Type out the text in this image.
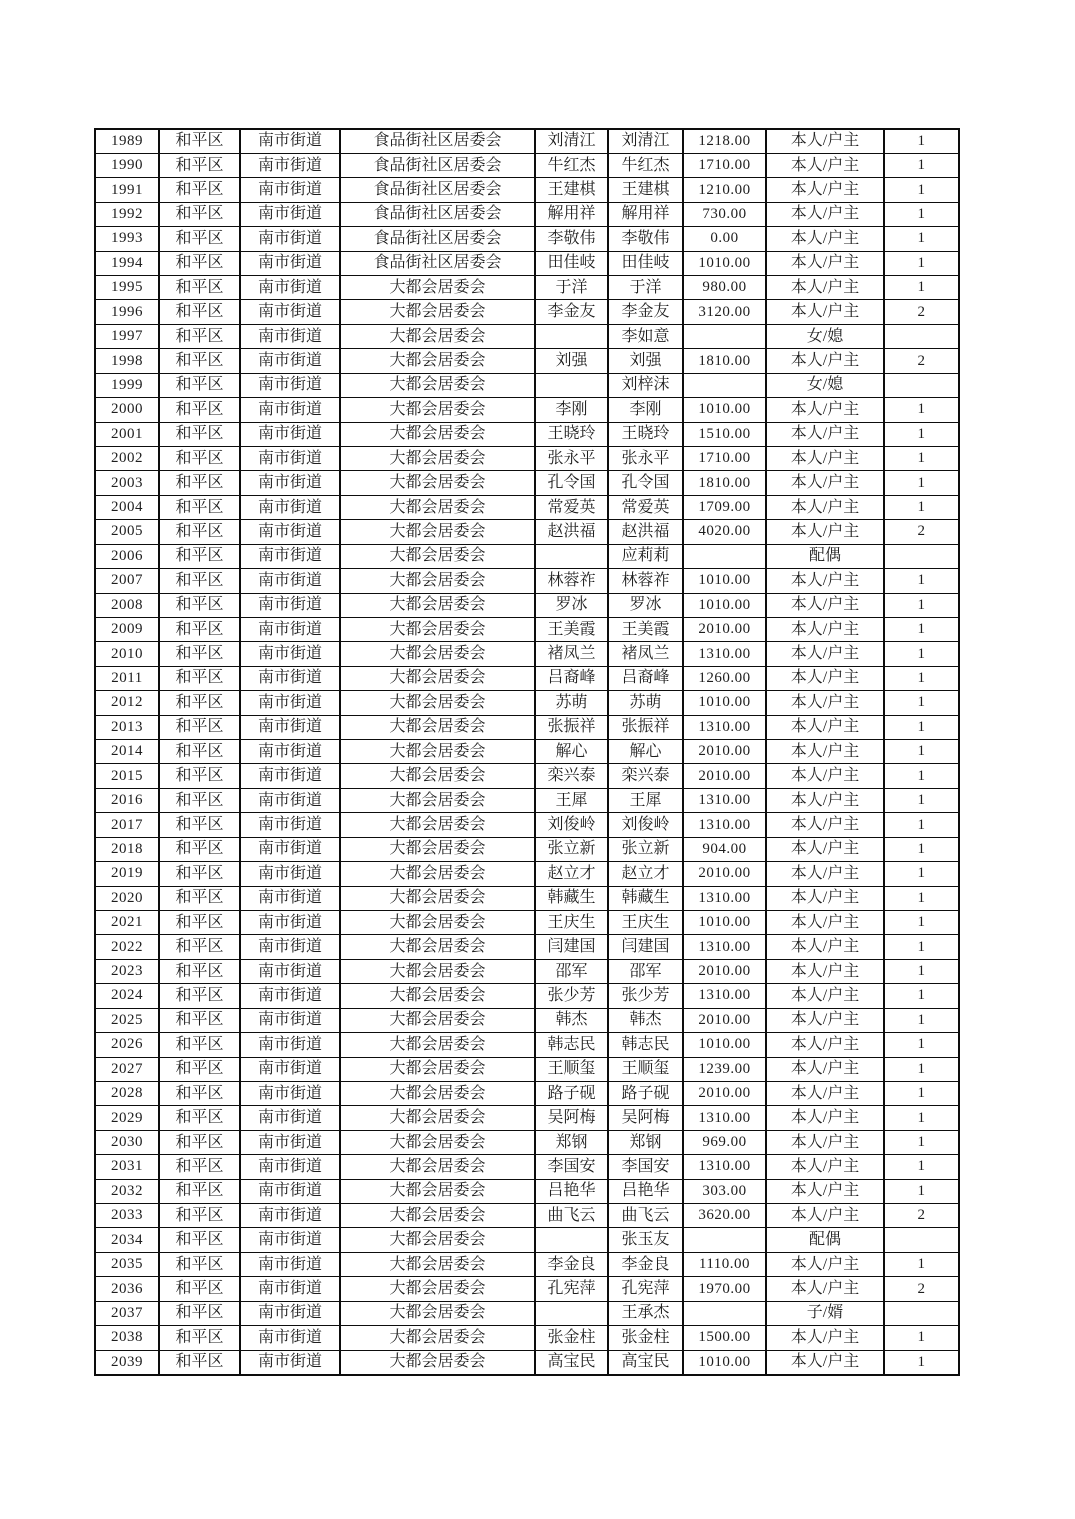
1989	和平区	南市街道	食品街社区居委会	刘清江	刘清江	1218.00	本人/户主	1
1990	和平区	南市街道	食品街社区居委会	牛红杰	牛红杰	1710.00	本人/户主	1
1991	和平区	南市街道	食品街社区居委会	王建棋	王建棋	1210.00	本人/户主	1
1992	和平区	南市街道	食品街社区居委会	解用祥	解用祥	730.00	本人/户主	1
1993	和平区	南市街道	食品街社区居委会	李敬伟	李敬伟	0.00	本人/户主	1
1994	和平区	南市街道	食品街社区居委会	田佳岐	田佳岐	1010.00	本人/户主	1
1995	和平区	南市街道	大都会居委会	于洋	于洋	980.00	本人/户主	1
1996	和平区	南市街道	大都会居委会	李金友	李金友	3120.00	本人/户主	2
1997	和平区	南市街道	大都会居委会		李如意		女/媳	
1998	和平区	南市街道	大都会居委会	刘强	刘强	1810.00	本人/户主	2
1999	和平区	南市街道	大都会居委会		刘梓沫		女/媳	
2000	和平区	南市街道	大都会居委会	李刚	李刚	1010.00	本人/户主	1
2001	和平区	南市街道	大都会居委会	王晓玲	王晓玲	1510.00	本人/户主	1
2002	和平区	南市街道	大都会居委会	张永平	张永平	1710.00	本人/户主	1
2003	和平区	南市街道	大都会居委会	孔令国	孔令国	1810.00	本人/户主	1
2004	和平区	南市街道	大都会居委会	常爱英	常爱英	1709.00	本人/户主	1
2005	和平区	南市街道	大都会居委会	赵洪福	赵洪福	4020.00	本人/户主	2
2006	和平区	南市街道	大都会居委会		应莉莉		配偶	
2007	和平区	南市街道	大都会居委会	林蓉祚	林蓉祚	1010.00	本人/户主	1
2008	和平区	南市街道	大都会居委会	罗冰	罗冰	1010.00	本人/户主	1
2009	和平区	南市街道	大都会居委会	王美霞	王美霞	2010.00	本人/户主	1
2010	和平区	南市街道	大都会居委会	褚凤兰	褚凤兰	1310.00	本人/户主	1
2011	和平区	南市街道	大都会居委会	吕裔峰	吕裔峰	1260.00	本人/户主	1
2012	和平区	南市街道	大都会居委会	苏萌	苏萌	1010.00	本人/户主	1
2013	和平区	南市街道	大都会居委会	张振祥	张振祥	1310.00	本人/户主	1
2014	和平区	南市街道	大都会居委会	解心	解心	2010.00	本人/户主	1
2015	和平区	南市街道	大都会居委会	栾兴泰	栾兴泰	2010.00	本人/户主	1
2016	和平区	南市街道	大都会居委会	王犀	王犀	1310.00	本人/户主	1
2017	和平区	南市街道	大都会居委会	刘俊岭	刘俊岭	1310.00	本人/户主	1
2018	和平区	南市街道	大都会居委会	张立新	张立新	904.00	本人/户主	1
2019	和平区	南市街道	大都会居委会	赵立才	赵立才	2010.00	本人/户主	1
2020	和平区	南市街道	大都会居委会	韩藏生	韩藏生	1310.00	本人/户主	1
2021	和平区	南市街道	大都会居委会	王庆生	王庆生	1010.00	本人/户主	1
2022	和平区	南市街道	大都会居委会	闫建国	闫建国	1310.00	本人/户主	1
2023	和平区	南市街道	大都会居委会	邵军	邵军	2010.00	本人/户主	1
2024	和平区	南市街道	大都会居委会	张少芳	张少芳	1310.00	本人/户主	1
2025	和平区	南市街道	大都会居委会	韩杰	韩杰	2010.00	本人/户主	1
2026	和平区	南市街道	大都会居委会	韩志民	韩志民	1010.00	本人/户主	1
2027	和平区	南市街道	大都会居委会	王顺玺	王顺玺	1239.00	本人/户主	1
2028	和平区	南市街道	大都会居委会	路子砚	路子砚	2010.00	本人/户主	1
2029	和平区	南市街道	大都会居委会	吴阿梅	吴阿梅	1310.00	本人/户主	1
2030	和平区	南市街道	大都会居委会	郑钢	郑钢	969.00	本人/户主	1
2031	和平区	南市街道	大都会居委会	李国安	李国安	1310.00	本人/户主	1
2032	和平区	南市街道	大都会居委会	吕艳华	吕艳华	303.00	本人/户主	1
2033	和平区	南市街道	大都会居委会	曲飞云	曲飞云	3620.00	本人/户主	2
2034	和平区	南市街道	大都会居委会		张玉友		配偶	
2035	和平区	南市街道	大都会居委会	李金良	李金良	1110.00	本人/户主	1
2036	和平区	南市街道	大都会居委会	孔宪萍	孔宪萍	1970.00	本人/户主	2
2037	和平区	南市街道	大都会居委会		王承杰		子/婿	
2038	和平区	南市街道	大都会居委会	张金柱	张金柱	1500.00	本人/户主	1
2039	和平区	南市街道	大都会居委会	高宝民	高宝民	1010.00	本人/户主	1
